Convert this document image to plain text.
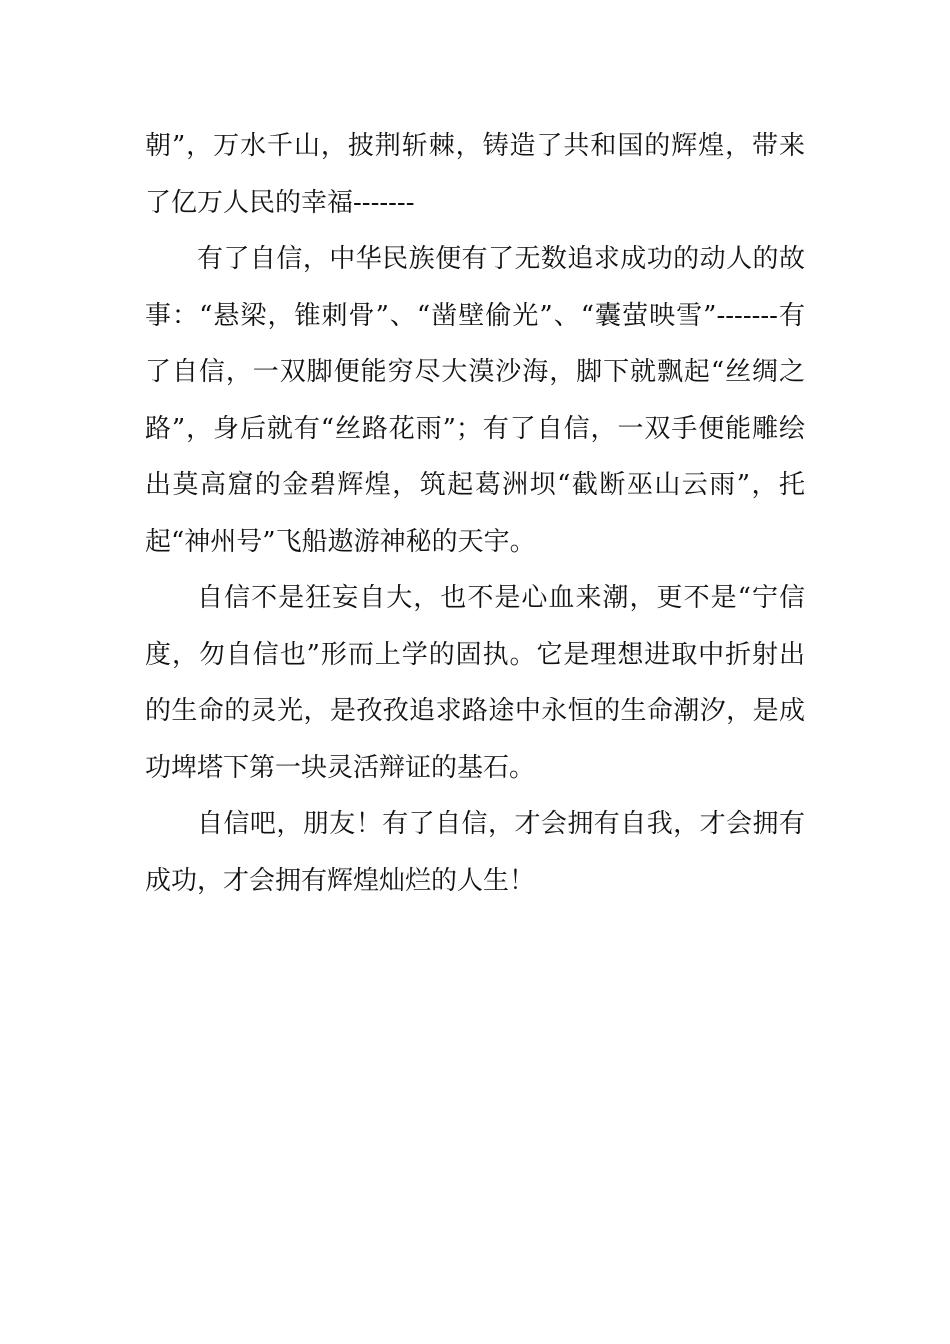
朝”，万水千山，披荆斩棘，铸造了共和国的辉煌，带来了亿万人民的幸福-------

有了自信，中华民族便有了无数追求成功的动人的故事：“悬梁，锥刺骨”、“凿壁偷光”、“囊萤映雪”-------有了自信，一双脚便能穷尽大漠沙海，脚下就飘起“丝绸之路”，身后就有“丝路花雨”；有了自信，一双手便能雕绘出莫高窟的金碧辉煌，筑起葛洲坝“截断巫山云雨”，托起“神州号”飞船遨游神秘的天宇。

自信不是狂妄自大，也不是心血来潮，更不是“宁信度，勿自信也”形而上学的固执。它是理想进取中折射出的生命的灵光，是孜孜追求路途中永恒的生命潮汐，是成功埤塔下第一块灵活辩证的基石。

自信吧，朋友！有了自信，才会拥有自我，才会拥有成功，才会拥有辉煌灿烂的人生！
